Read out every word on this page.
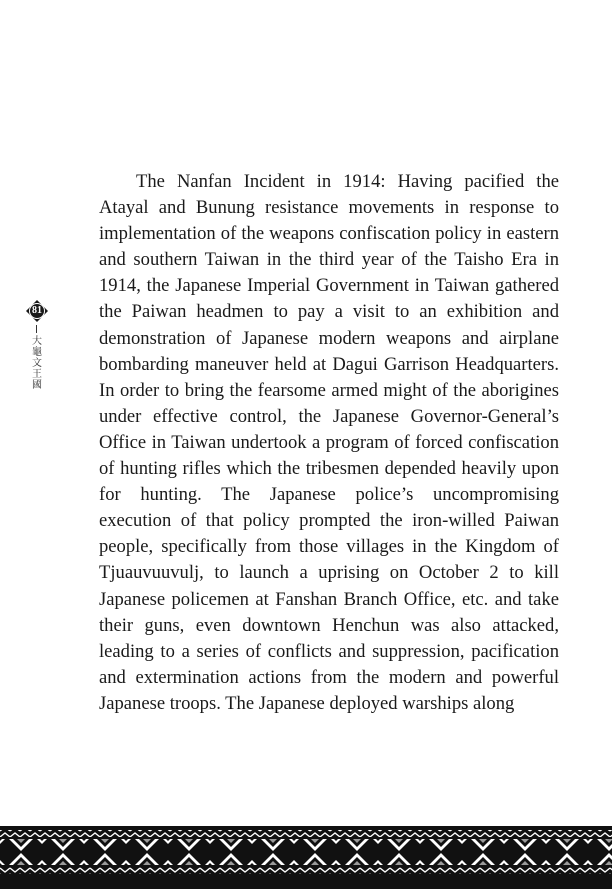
81
大龜文王國

The Nanfan Incident in 1914: Having pacified the Atayal and Bunung resistance movements in response to implementation of the weapons confiscation policy in eastern and southern Taiwan in the third year of the Taisho Era in 1914, the Japanese Imperial Government in Taiwan gathered the Paiwan headmen to pay a visit to an exhibition and demonstration of Japanese modern weapons and airplane bombarding maneuver held at Dagui Garrison Headquarters. In order to bring the fearsome armed might of the aborigines under effective control, the Japanese Governor-General’s Office in Taiwan undertook a program of forced confiscation of hunting rifles which the tribesmen depended heavily upon for hunting. The Japanese police’s uncompromising execution of that policy prompted the iron-willed Paiwan people, specifically from those villages in the Kingdom of Tjuauvuuvulj, to launch a uprising on October 2 to kill Japanese policemen at Fanshan Branch Office, etc. and take their guns, even downtown Henchun was also attacked, leading to a series of conflicts and suppression, pacification and extermination actions from the modern and powerful Japanese troops. The Japanese deployed warships along
